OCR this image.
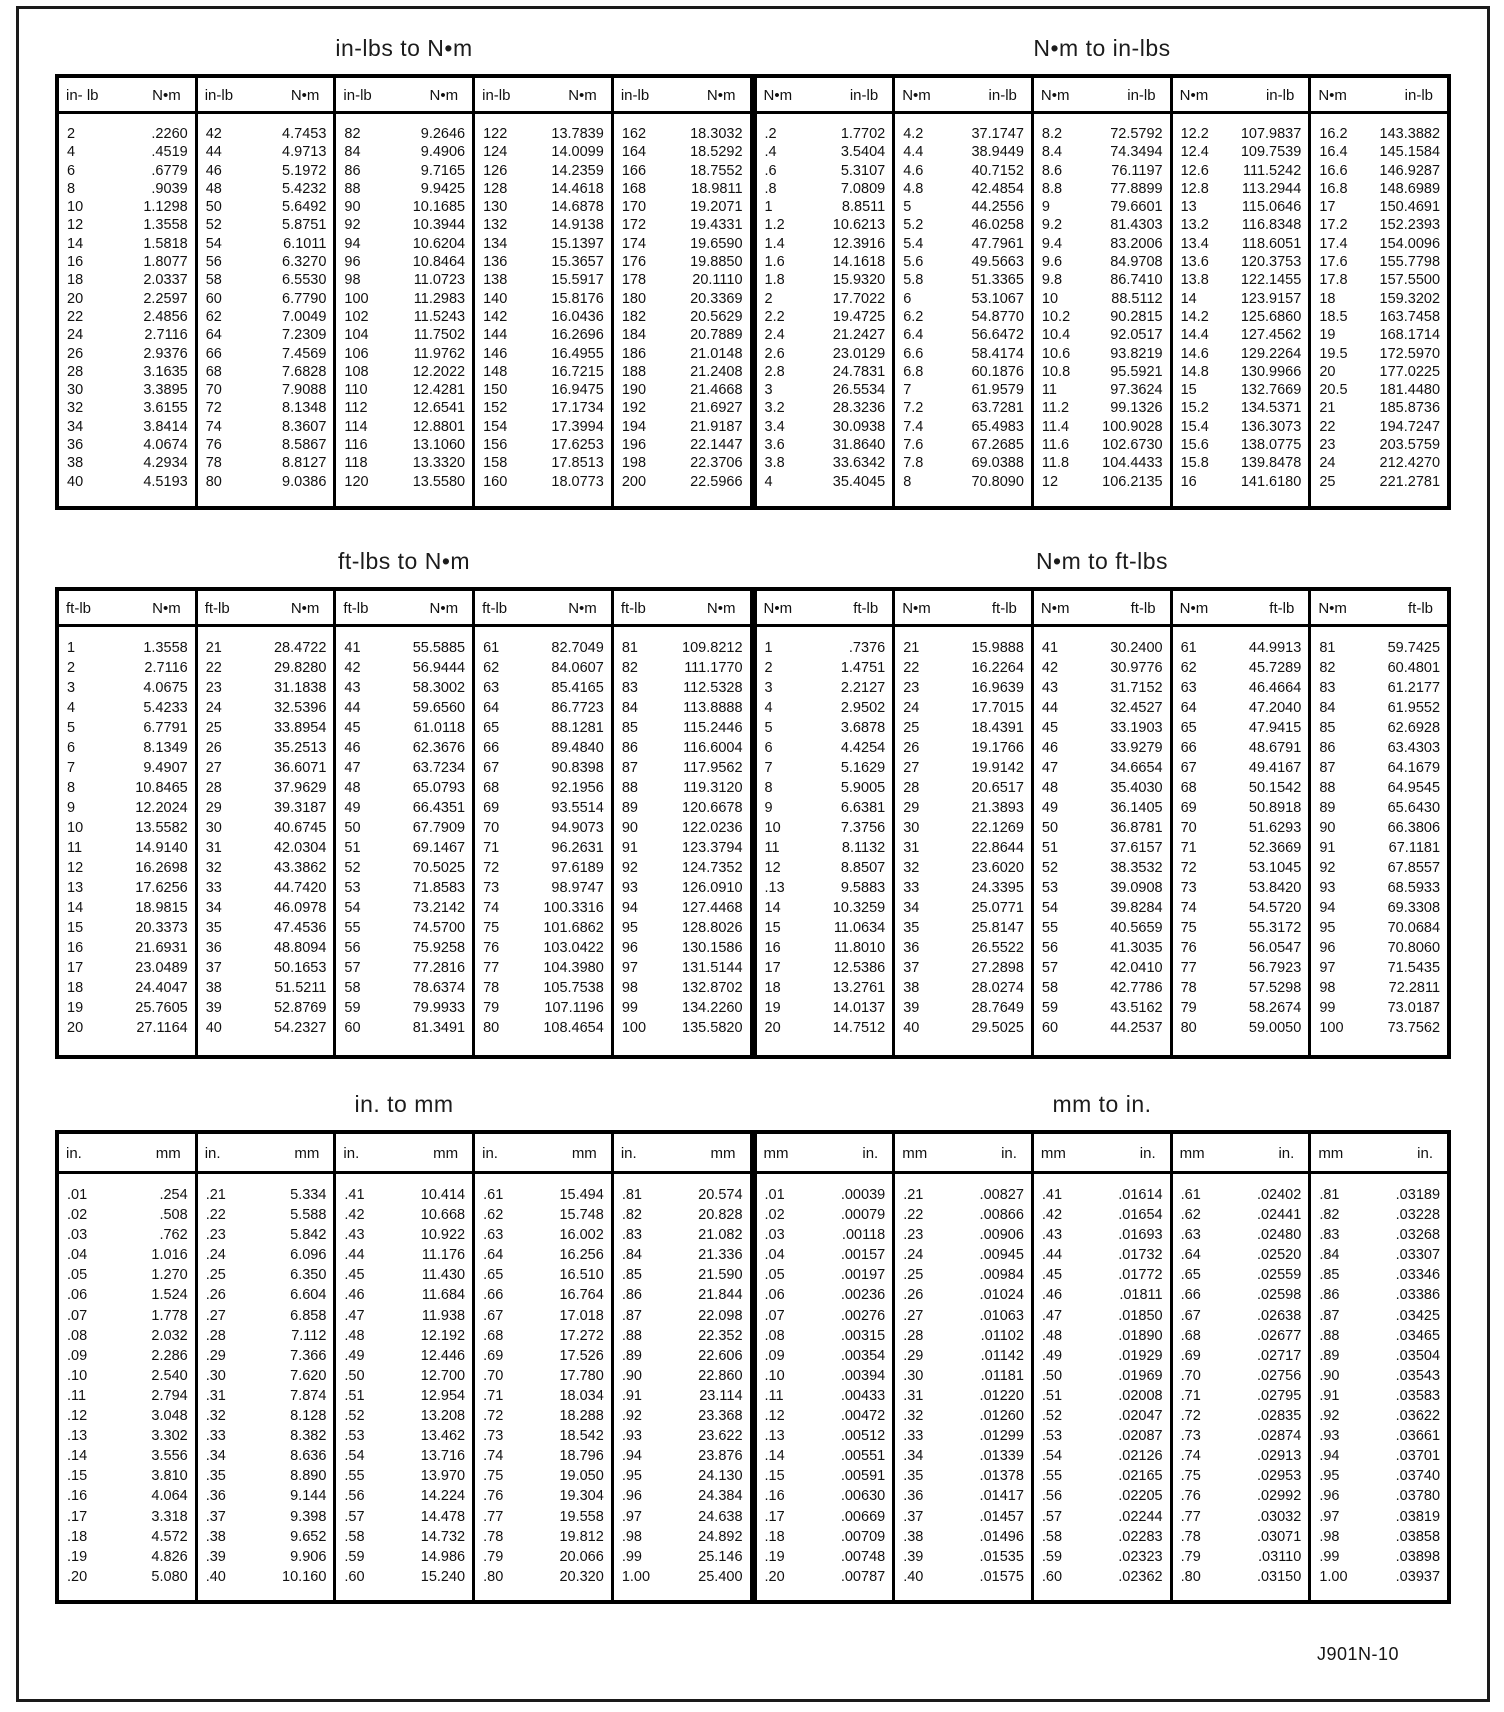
in-lbs to N•m	N•m to in-lbs
in- lb	N•m
2	.2260
4	.4519
6	.6779
8	.9039
10	1.1298
12	1.3558
14	1.5818
16	1.8077
18	2.0337
20	2.2597
22	2.4856
24	2.7116
26	2.9376
28	3.1635
30	3.3895
32	3.6155
34	3.8414
36	4.0674
38	4.2934
40	4.5193
in-lb	N•m
42	4.7453
44	4.9713
46	5.1972
48	5.4232
50	5.6492
52	5.8751
54	6.1011
56	6.3270
58	6.5530
60	6.7790
62	7.0049
64	7.2309
66	7.4569
68	7.6828
70	7.9088
72	8.1348
74	8.3607
76	8.5867
78	8.8127
80	9.0386
in-lb	N•m
82	9.2646
84	9.4906
86	9.7165
88	9.9425
90	10.1685
92	10.3944
94	10.6204
96	10.8464
98	11.0723
100	11.2983
102	11.5243
104	11.7502
106	11.9762
108	12.2022
110	12.4281
112	12.6541
114	12.8801
116	13.1060
118	13.3320
120	13.5580
in-lb	N•m
122	13.7839
124	14.0099
126	14.2359
128	14.4618
130	14.6878
132	14.9138
134	15.1397
136	15.3657
138	15.5917
140	15.8176
142	16.0436
144	16.2696
146	16.4955
148	16.7215
150	16.9475
152	17.1734
154	17.3994
156	17.6253
158	17.8513
160	18.0773
in-lb	N•m
162	18.3032
164	18.5292
166	18.7552
168	18.9811
170	19.2071
172	19.4331
174	19.6590
176	19.8850
178	20.1110
180	20.3369
182	20.5629
184	20.7889
186	21.0148
188	21.2408
190	21.4668
192	21.6927
194	21.9187
196	22.1447
198	22.3706
200	22.5966
N•m	in-lb
.2	1.7702
.4	3.5404
.6	5.3107
.8	7.0809
1	8.8511
1.2	10.6213
1.4	12.3916
1.6	14.1618
1.8	15.9320
2	17.7022
2.2	19.4725
2.4	21.2427
2.6	23.0129
2.8	24.7831
3	26.5534
3.2	28.3236
3.4	30.0938
3.6	31.8640
3.8	33.6342
4	35.4045
N•m	in-lb
4.2	37.1747
4.4	38.9449
4.6	40.7152
4.8	42.4854
5	44.2556
5.2	46.0258
5.4	47.7961
5.6	49.5663
5.8	51.3365
6	53.1067
6.2	54.8770
6.4	56.6472
6.6	58.4174
6.8	60.1876
7	61.9579
7.2	63.7281
7.4	65.4983
7.6	67.2685
7.8	69.0388
8	70.8090
N•m	in-lb
8.2	72.5792
8.4	74.3494
8.6	76.1197
8.8	77.8899
9	79.6601
9.2	81.4303
9.4	83.2006
9.6	84.9708
9.8	86.7410
10	88.5112
10.2	90.2815
10.4	92.0517
10.6	93.8219
10.8	95.5921
11	97.3624
11.2	99.1326
11.4	100.9028
11.6	102.6730
11.8	104.4433
12	106.2135
N•m	in-lb
12.2	107.9837
12.4	109.7539
12.6	111.5242
12.8	113.2944
13	115.0646
13.2	116.8348
13.4	118.6051
13.6	120.3753
13.8	122.1455
14	123.9157
14.2	125.6860
14.4	127.4562
14.6	129.2264
14.8	130.9966
15	132.7669
15.2	134.5371
15.4	136.3073
15.6	138.0775
15.8	139.8478
16	141.6180
N•m	in-lb
16.2	143.3882
16.4	145.1584
16.6	146.9287
16.8	148.6989
17	150.4691
17.2	152.2393
17.4	154.0096
17.6	155.7798
17.8	157.5500
18	159.3202
18.5	163.7458
19	168.1714
19.5	172.5970
20	177.0225
20.5	181.4480
21	185.8736
22	194.7247
23	203.5759
24	212.4270
25	221.2781
ft-lbs to N•m	N•m to ft-lbs
ft-lb	N•m
1	1.3558
2	2.7116
3	4.0675
4	5.4233
5	6.7791
6	8.1349
7	9.4907
8	10.8465
9	12.2024
10	13.5582
11	14.9140
12	16.2698
13	17.6256
14	18.9815
15	20.3373
16	21.6931
17	23.0489
18	24.4047
19	25.7605
20	27.1164
ft-lb	N•m
21	28.4722
22	29.8280
23	31.1838
24	32.5396
25	33.8954
26	35.2513
27	36.6071
28	37.9629
29	39.3187
30	40.6745
31	42.0304
32	43.3862
33	44.7420
34	46.0978
35	47.4536
36	48.8094
37	50.1653
38	51.5211
39	52.8769
40	54.2327
ft-lb	N•m
41	55.5885
42	56.9444
43	58.3002
44	59.6560
45	61.0118
46	62.3676
47	63.7234
48	65.0793
49	66.4351
50	67.7909
51	69.1467
52	70.5025
53	71.8583
54	73.2142
55	74.5700
56	75.9258
57	77.2816
58	78.6374
59	79.9933
60	81.3491
ft-lb	N•m
61	82.7049
62	84.0607
63	85.4165
64	86.7723
65	88.1281
66	89.4840
67	90.8398
68	92.1956
69	93.5514
70	94.9073
71	96.2631
72	97.6189
73	98.9747
74	100.3316
75	101.6862
76	103.0422
77	104.3980
78	105.7538
79	107.1196
80	108.4654
ft-lb	N•m
81	109.8212
82	111.1770
83	112.5328
84	113.8888
85	115.2446
86	116.6004
87	117.9562
88	119.3120
89	120.6678
90	122.0236
91	123.3794
92	124.7352
93	126.0910
94	127.4468
95	128.8026
96	130.1586
97	131.5144
98	132.8702
99	134.2260
100	135.5820
N•m	ft-lb
1	.7376
2	1.4751
3	2.2127
4	2.9502
5	3.6878
6	4.4254
7	5.1629
8	5.9005
9	6.6381
10	7.3756
11	8.1132
12	8.8507
.13	9.5883
14	10.3259
15	11.0634
16	11.8010
17	12.5386
18	13.2761
19	14.0137
20	14.7512
N•m	ft-lb
21	15.9888
22	16.2264
23	16.9639
24	17.7015
25	18.4391
26	19.1766
27	19.9142
28	20.6517
29	21.3893
30	22.1269
31	22.8644
32	23.6020
33	24.3395
34	25.0771
35	25.8147
36	26.5522
37	27.2898
38	28.0274
39	28.7649
40	29.5025
N•m	ft-lb
41	30.2400
42	30.9776
43	31.7152
44	32.4527
45	33.1903
46	33.9279
47	34.6654
48	35.4030
49	36.1405
50	36.8781
51	37.6157
52	38.3532
53	39.0908
54	39.8284
55	40.5659
56	41.3035
57	42.0410
58	42.7786
59	43.5162
60	44.2537
N•m	ft-lb
61	44.9913
62	45.7289
63	46.4664
64	47.2040
65	47.9415
66	48.6791
67	49.4167
68	50.1542
69	50.8918
70	51.6293
71	52.3669
72	53.1045
73	53.8420
74	54.5720
75	55.3172
76	56.0547
77	56.7923
78	57.5298
79	58.2674
80	59.0050
N•m	ft-lb
81	59.7425
82	60.4801
83	61.2177
84	61.9552
85	62.6928
86	63.4303
87	64.1679
88	64.9545
89	65.6430
90	66.3806
91	67.1181
92	67.8557
93	68.5933
94	69.3308
95	70.0684
96	70.8060
97	71.5435
98	72.2811
99	73.0187
100	73.7562
in. to mm	mm to in.
in.	mm
.01	.254
.02	.508
.03	.762
.04	1.016
.05	1.270
.06	1.524
.07	1.778
.08	2.032
.09	2.286
.10	2.540
.11	2.794
.12	3.048
.13	3.302
.14	3.556
.15	3.810
.16	4.064
.17	3.318
.18	4.572
.19	4.826
.20	5.080
in.	mm
.21	5.334
.22	5.588
.23	5.842
.24	6.096
.25	6.350
.26	6.604
.27	6.858
.28	7.112
.29	7.366
.30	7.620
.31	7.874
.32	8.128
.33	8.382
.34	8.636
.35	8.890
.36	9.144
.37	9.398
.38	9.652
.39	9.906
.40	10.160
in.	mm
.41	10.414
.42	10.668
.43	10.922
.44	11.176
.45	11.430
.46	11.684
.47	11.938
.48	12.192
.49	12.446
.50	12.700
.51	12.954
.52	13.208
.53	13.462
.54	13.716
.55	13.970
.56	14.224
.57	14.478
.58	14.732
.59	14.986
.60	15.240
in.	mm
.61	15.494
.62	15.748
.63	16.002
.64	16.256
.65	16.510
.66	16.764
.67	17.018
.68	17.272
.69	17.526
.70	17.780
.71	18.034
.72	18.288
.73	18.542
.74	18.796
.75	19.050
.76	19.304
.77	19.558
.78	19.812
.79	20.066
.80	20.320
in.	mm
.81	20.574
.82	20.828
.83	21.082
.84	21.336
.85	21.590
.86	21.844
.87	22.098
.88	22.352
.89	22.606
.90	22.860
.91	23.114
.92	23.368
.93	23.622
.94	23.876
.95	24.130
.96	24.384
.97	24.638
.98	24.892
.99	25.146
1.00	25.400
mm	in.
.01	.00039
.02	.00079
.03	.00118
.04	.00157
.05	.00197
.06	.00236
.07	.00276
.08	.00315
.09	.00354
.10	.00394
.11	.00433
.12	.00472
.13	.00512
.14	.00551
.15	.00591
.16	.00630
.17	.00669
.18	.00709
.19	.00748
.20	.00787
mm	in.
.21	.00827
.22	.00866
.23	.00906
.24	.00945
.25	.00984
.26	.01024
.27	.01063
.28	.01102
.29	.01142
.30	.01181
.31	.01220
.32	.01260
.33	.01299
.34	.01339
.35	.01378
.36	.01417
.37	.01457
.38	.01496
.39	.01535
.40	.01575
mm	in.
.41	.01614
.42	.01654
.43	.01693
.44	.01732
.45	.01772
.46	.01811
.47	.01850
.48	.01890
.49	.01929
.50	.01969
.51	.02008
.52	.02047
.53	.02087
.54	.02126
.55	.02165
.56	.02205
.57	.02244
.58	.02283
.59	.02323
.60	.02362
mm	in.
.61	.02402
.62	.02441
.63	.02480
.64	.02520
.65	.02559
.66	.02598
.67	.02638
.68	.02677
.69	.02717
.70	.02756
.71	.02795
.72	.02835
.73	.02874
.74	.02913
.75	.02953
.76	.02992
.77	.03032
.78	.03071
.79	.03110
.80	.03150
mm	in.
.81	.03189
.82	.03228
.83	.03268
.84	.03307
.85	.03346
.86	.03386
.87	.03425
.88	.03465
.89	.03504
.90	.03543
.91	.03583
.92	.03622
.93	.03661
.94	.03701
.95	.03740
.96	.03780
.97	.03819
.98	.03858
.99	.03898
1.00	.03937
J901N-10
